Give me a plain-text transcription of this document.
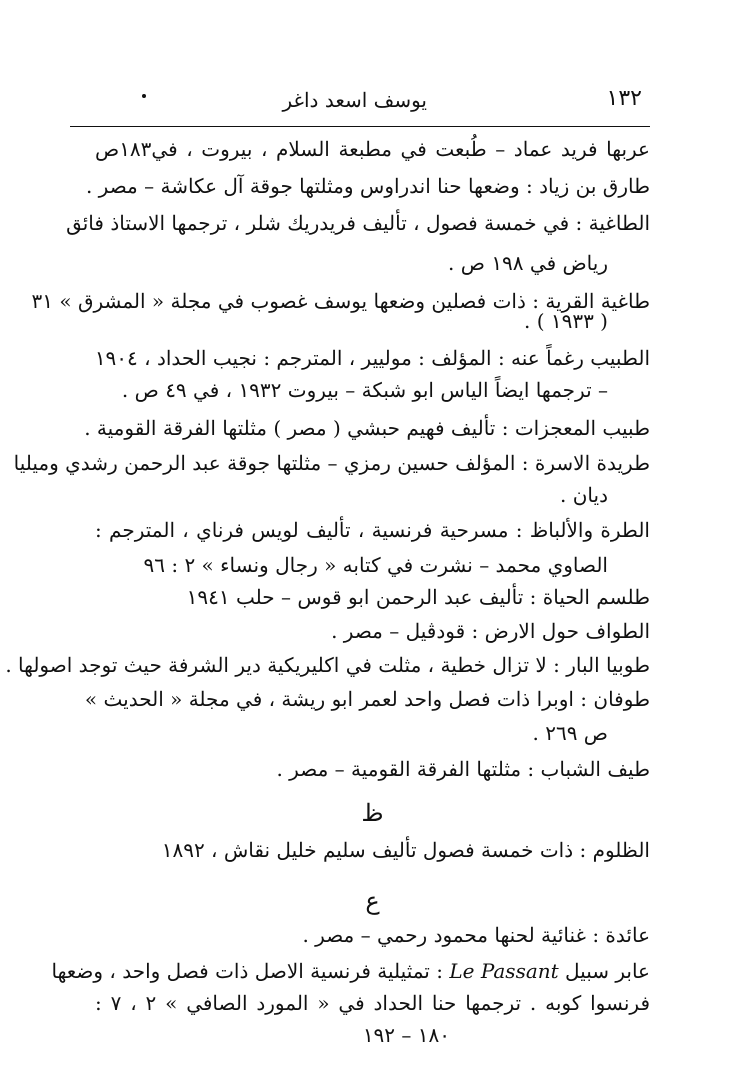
١٣٢
يوسف اسعد داغر
عربها فريد عماد – طُبعت في مطبعة السلام ، بيروت ، في١٨٣ص
طارق بن زياد : وضعها حنا اندراوس ومثلتها جوقة آل عكاشة – مصر .
الطاغية : في خمسة فصول ، تأليف فريدريك شلر ، ترجمها الاستاذ فائق
رياض في ١٩٨ ص .
طاغية القرية : ذات فصلين وضعها يوسف غصوب في مجلة « المشرق » ٣١
( ١٩٣٣ ) .
الطبيب رغماً عنه : المؤلف : موليير ، المترجم : نجيب الحداد ، ١٩٠٤
– ترجمها ايضاً الياس ابو شبكة – بيروت ١٩٣٢ ، في ٤٩ ص .
طبيب المعجزات : تأليف فهيم حبشي ( مصر ) مثلتها الفرقة القومية .
طريدة الاسرة : المؤلف حسين رمزي – مثلتها جوقة عبد الرحمن رشدي وميليا
ديان .
الطرة والألباظ : مسرحية فرنسية ، تأليف لويس فرناي ، المترجم :
الصاوي محمد – نشرت في كتابه « رجال ونساء » ٢ : ٩٦
طلسم الحياة : تأليف عبد الرحمن ابو قوس – حلب ١٩٤١
الطواف حول الارض : قودڤيل – مصر .
طوبيا البار : لا تزال خطية ، مثلت في اكليريكية دير الشرفة حيث توجد اصولها .
طوفان : اوبرا ذات فصل واحد لعمر ابو ريشة ، في مجلة « الحديث »
ص ٢٦٩ .
طيف الشباب : مثلتها الفرقة القومية – مصر .
ظ
الظلوم : ذات خمسة فصول تأليف سليم خليل نقاش ، ١٨٩٢
ع
عائدة : غنائية لحنها محمود رحمي – مصر .
عابر سبيل Le Passant : تمثيلية فرنسية الاصل ذات فصل واحد ، وضعها
فرنسوا كوبه . ترجمها حنا الحداد في « المورد الصافي » ٢ ، ٧ :
١٨٠ – ١٩٢
